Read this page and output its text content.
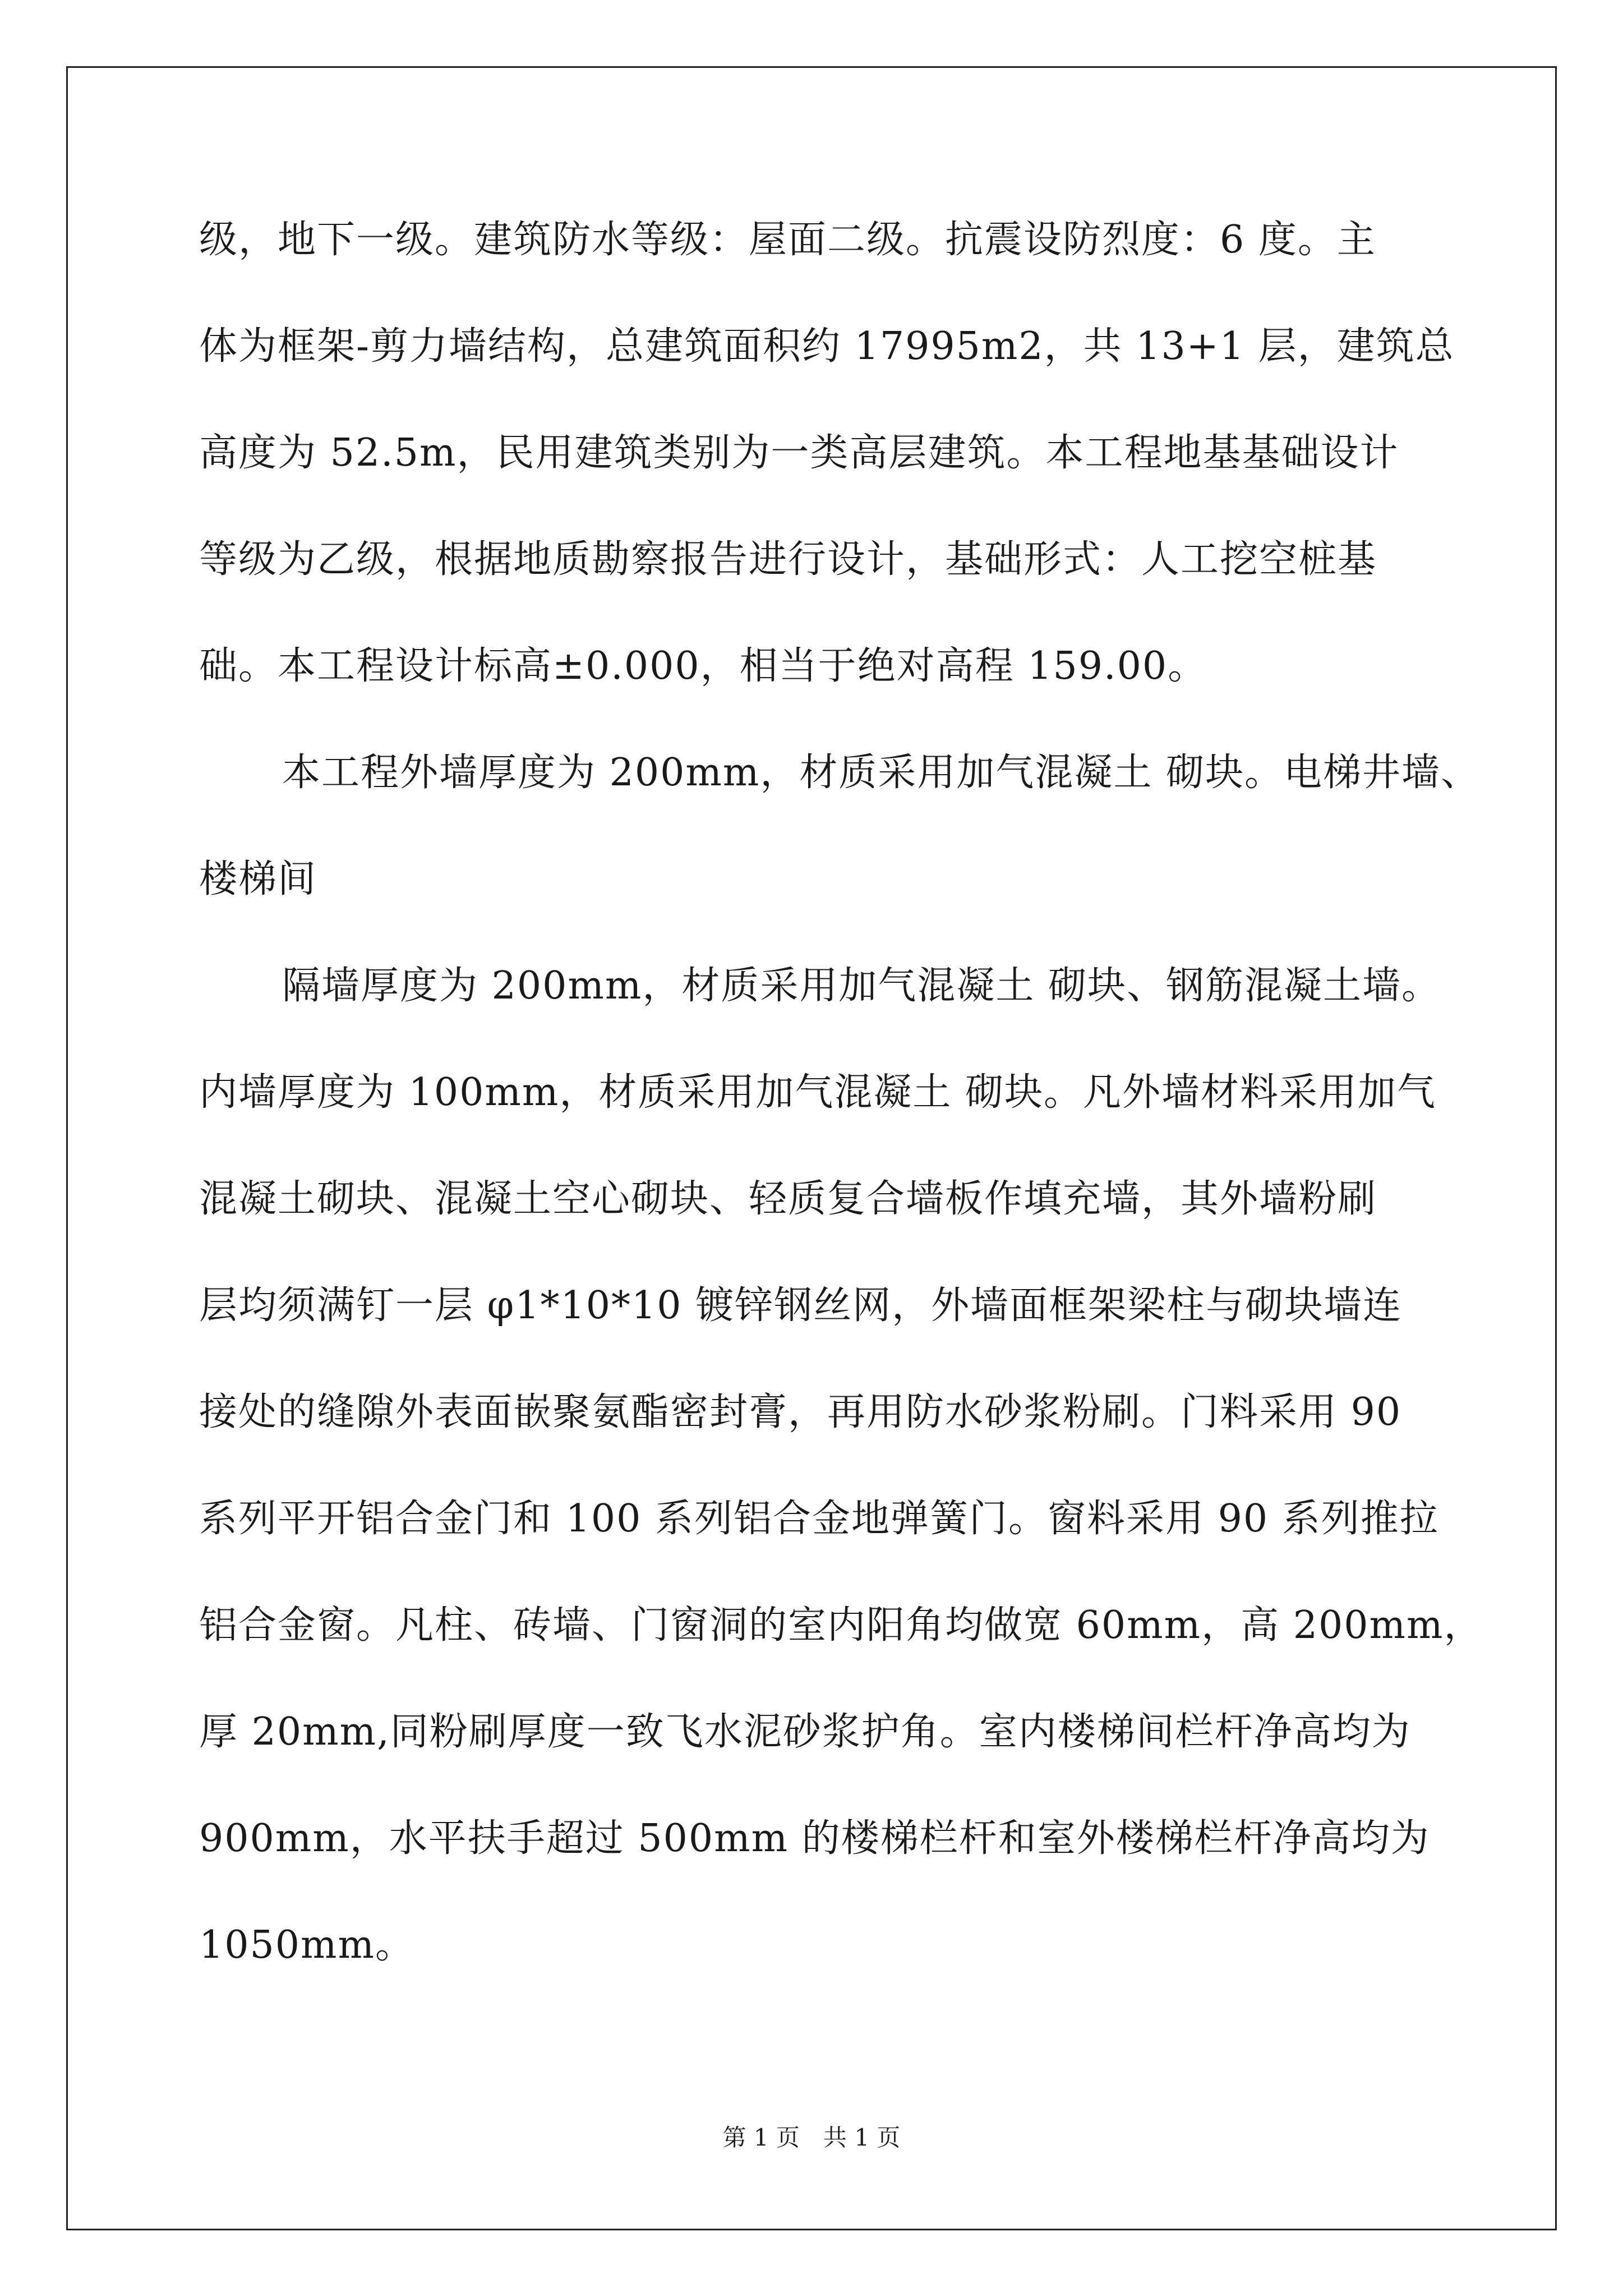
级，地下一级。建筑防水等级：屋面二级。抗震设防烈度：6 度。主
体为框架-剪力墙结构，总建筑面积约 17995m2，共 13+1 层，建筑总
高度为 52.5m，民用建筑类别为一类高层建筑。本工程地基基础设计
等级为乙级，根据地质勘察报告进行设计，基础形式：人工挖空桩基
础。本工程设计标高±0.000，相当于绝对高程 159.00。
本工程外墙厚度为 200mm，材质采用加气混凝土 砌块。电梯井墙、
楼梯间
隔墙厚度为 200mm，材质采用加气混凝土 砌块、钢筋混凝土墙。
内墙厚度为 100mm，材质采用加气混凝土 砌块。凡外墙材料采用加气
混凝土砌块、混凝土空心砌块、轻质复合墙板作填充墙，其外墙粉刷
层均须满钉一层 φ1*10*10 镀锌钢丝网，外墙面框架梁柱与砌块墙连
接处的缝隙外表面嵌聚氨酯密封膏，再用防水砂浆粉刷。门料采用 90
系列平开铝合金门和 100 系列铝合金地弹簧门。窗料采用 90 系列推拉
铝合金窗。凡柱、砖墙、门窗洞的室内阳角均做宽 60mm，高 200mm，
厚 20mm,同粉刷厚度一致飞水泥砂浆护角。室内楼梯间栏杆净高均为
900mm，水平扶手超过 500mm 的楼梯栏杆和室外楼梯栏杆净高均为
1050mm。
第 1 页　共 1 页
